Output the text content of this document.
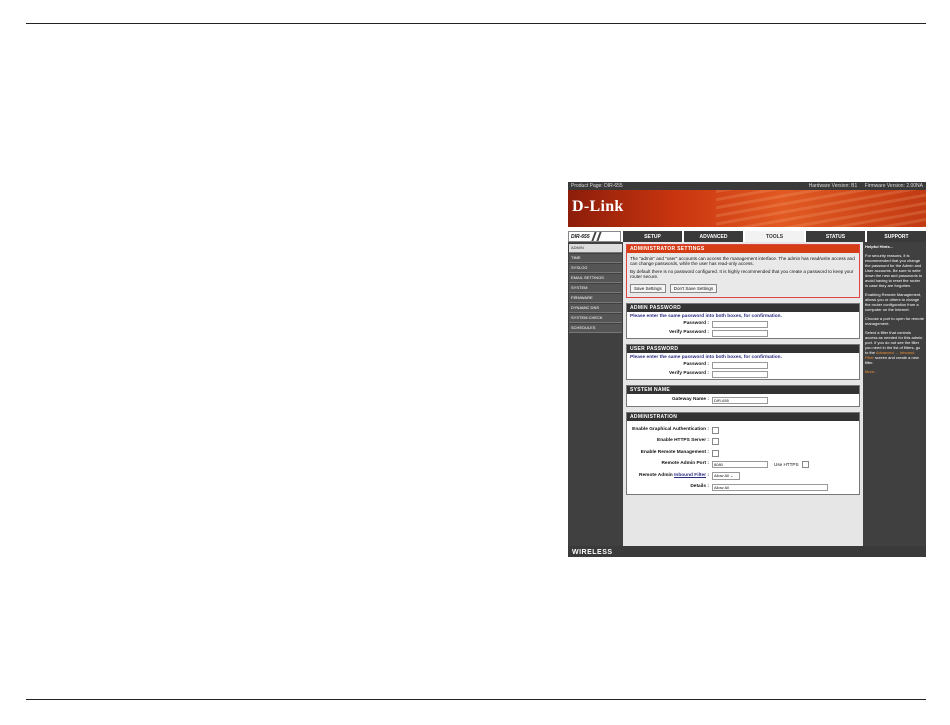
Product Page: DIR-655	Hardware Version: B1 Firmware Version: 2.00NA
D-Link
DIR-655	SETUP	ADVANCED	TOOLS	STATUS	SUPPORT
ADMIN
TIME
SYSLOG
EMAIL SETTINGS
SYSTEM
FIRMWARE
DYNAMIC DNS
SYSTEM CHECK
SCHEDULES
ADMINISTRATOR SETTINGS

The "admin" and "user" accounts can access the management interface. The admin has read/write access and can change passwords, while the user has read-only access.

By default there is no password configured. It is highly recommended that you create a password to keep your router secure.

Save Settings	Don't Save Settings
ADMIN PASSWORD
Please enter the same password into both boxes, for confirmation.
Password :
Verify Password :
USER PASSWORD
Please enter the same password into both boxes, for confirmation.
Password :
Verify Password :
SYSTEM NAME
Gateway Name :	DIR-655
ADMINISTRATION
Enable Graphical Authentication :
Enable HTTPS Server :
Enable Remote Management :
Remote Admin Port :	8080	Use HTTPS
Remote Admin Inbound Filter :	Allow All ⌄
Details :	Allow All
Helpful Hints...

For security reasons, it is recommended that you change the password for the Admin and User accounts. Be sure to write down the new and passwords to avoid having to reset the router in case they are forgotten.

Enabling Remote Management, allows you or others to change the router configuration from a computer on the Internet.

Choose a port to open for remote management.

Select a filter that controls access as needed for this admin port. If you do not see the filter you need in the list of filters, go to the Advanced → Inbound Filter screen and create a new filter.

More...

WIRELESS
